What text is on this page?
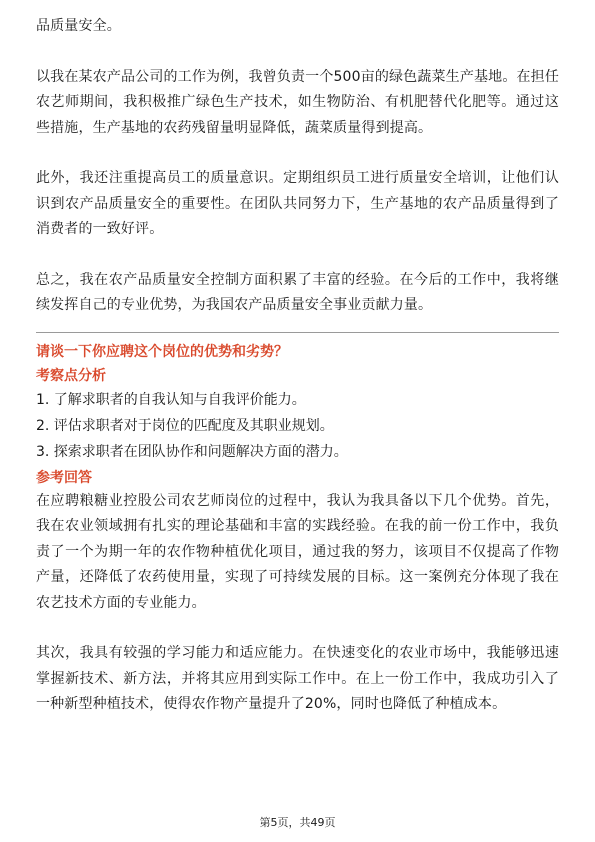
品质量安全。

以我在某农产品公司的工作为例，我曾负责一个500亩的绿色蔬菜生产基地。在担任农艺师期间，我积极推广绿色生产技术，如生物防治、有机肥替代化肥等。通过这些措施，生产基地的农药残留量明显降低，蔬菜质量得到提高。

此外，我还注重提高员工的质量意识。定期组织员工进行质量安全培训，让他们认识到农产品质量安全的重要性。在团队共同努力下，生产基地的农产品质量得到了消费者的一致好评。

总之，我在农产品质量安全控制方面积累了丰富的经验。在今后的工作中，我将继续发挥自己的专业优势，为我国农产品质量安全事业贡献力量。

请谈一下你应聘这个岗位的优势和劣势？

考察点分析

1. 了解求职者的自我认知与自我评价能力。

2. 评估求职者对于岗位的匹配度及其职业规划。

3. 探索求职者在团队协作和问题解决方面的潜力。

参考回答

在应聘粮糖业控股公司农艺师岗位的过程中，我认为我具备以下几个优势。首先，我在农业领域拥有扎实的理论基础和丰富的实践经验。在我的前一份工作中，我负责了一个为期一年的农作物种植优化项目，通过我的努力，该项目不仅提高了作物产量，还降低了农药使用量，实现了可持续发展的目标。这一案例充分体现了我在农艺技术方面的专业能力。

其次，我具有较强的学习能力和适应能力。在快速变化的农业市场中，我能够迅速掌握新技术、新方法，并将其应用到实际工作中。在上一份工作中，我成功引入了一种新型种植技术，使得农作物产量提升了20%，同时也降低了种植成本。

第5页，共49页
